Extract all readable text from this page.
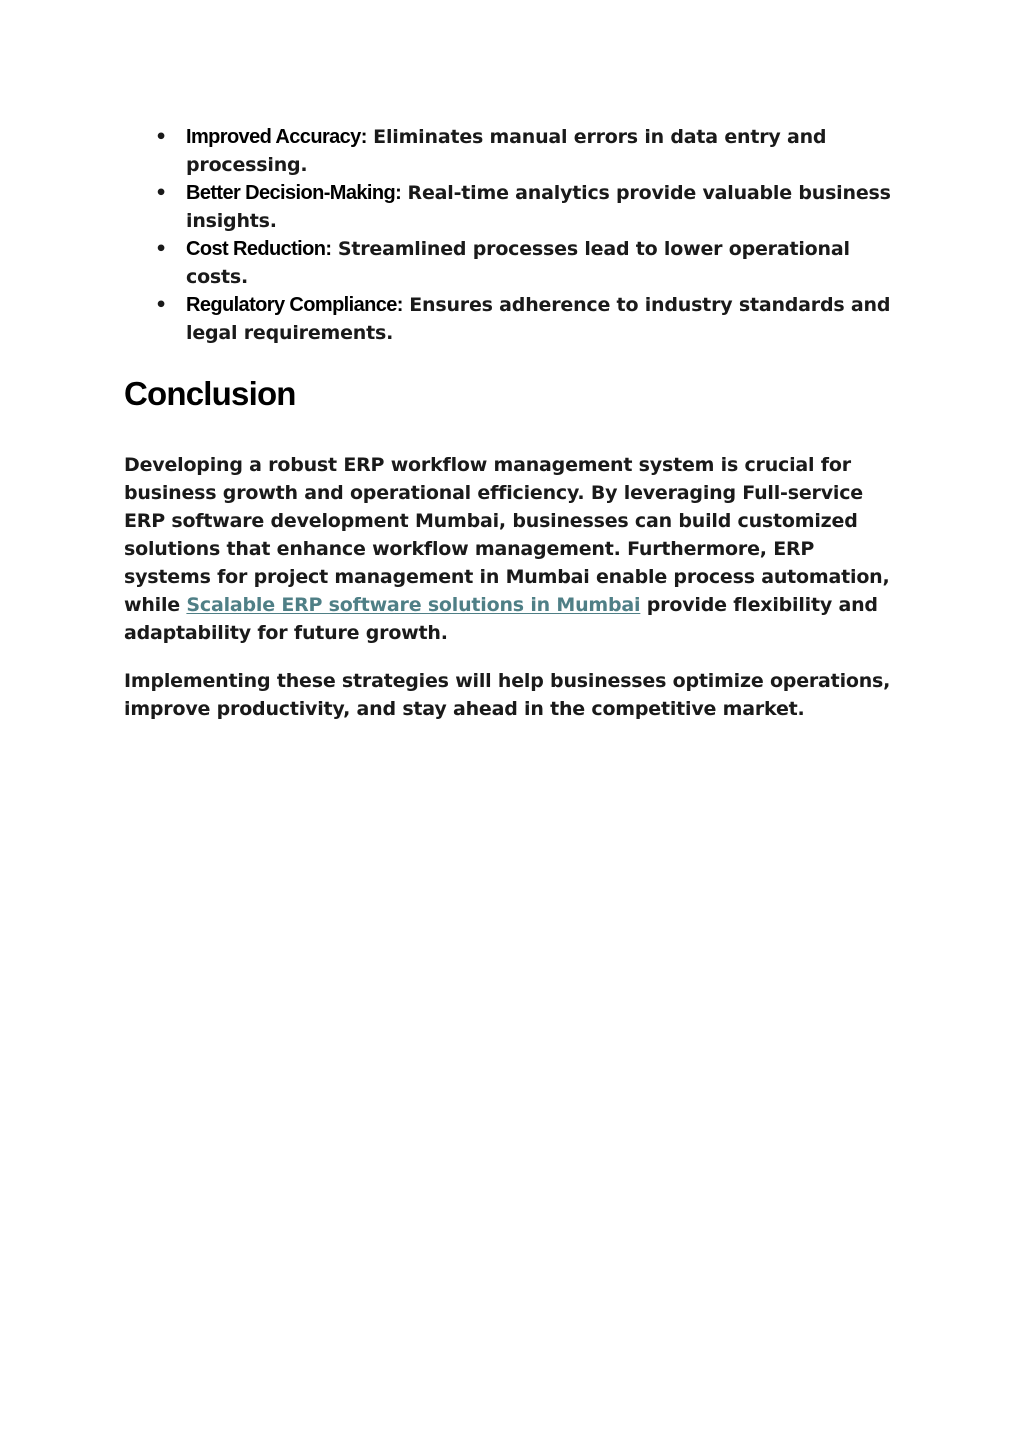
• Improved Accuracy: Eliminates manual errors in data entry and processing.
• Better Decision-Making: Real-time analytics provide valuable business insights.
• Cost Reduction: Streamlined processes lead to lower operational costs.
• Regulatory Compliance: Ensures adherence to industry standards and legal requirements.
Conclusion

Developing a robust ERP workflow management system is crucial for business growth and operational efficiency. By leveraging Full-service ERP software development Mumbai, businesses can build customized solutions that enhance workflow management. Furthermore, ERP systems for project management in Mumbai enable process automation, while Scalable ERP software solutions in Mumbai provide flexibility and adaptability for future growth.

Implementing these strategies will help businesses optimize operations, improve productivity, and stay ahead in the competitive market.
